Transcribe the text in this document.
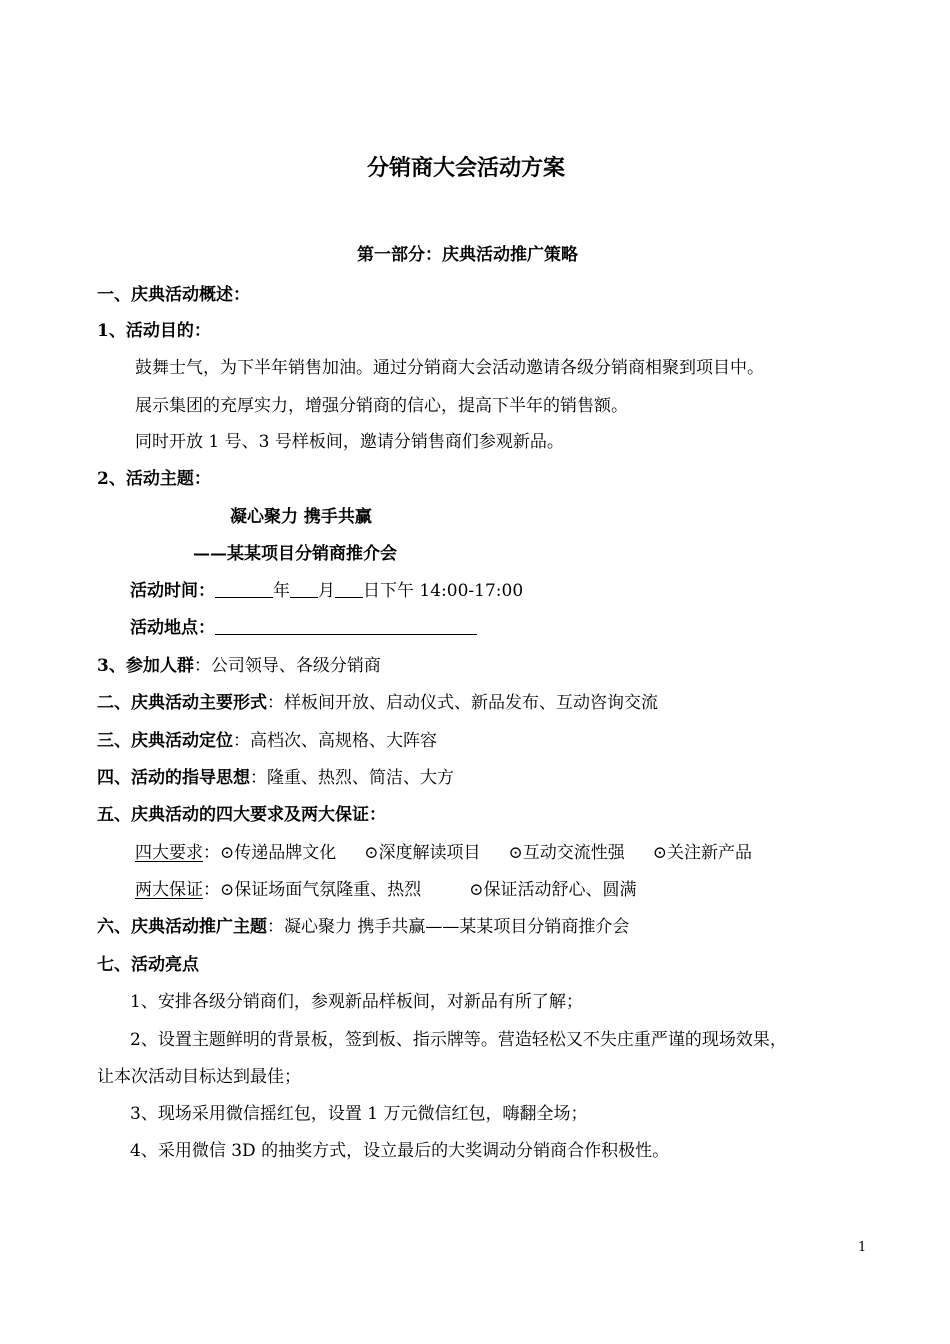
分销商大会活动方案
第一部分：庆典活动推广策略
一、庆典活动概述：
1、活动目的：
鼓舞士气，为下半年销售加油。通过分销商大会活动邀请各级分销商相聚到项目中。
展示集团的充厚实力，增强分销商的信心，提高下半年的销售额。
同时开放 1 号、3 号样板间，邀请分销售商们参观新品。
2、活动主题：
凝心聚力 携手共赢
——某某项目分销商推介会
活动时间：	年 月 日下午 14:00-17:00
活动地点：
3、参加人群：公司领导、各级分销商
二、庆典活动主要形式：样板间开放、启动仪式、新品发布、互动咨询交流
三、庆典活动定位：高档次、高规格、大阵容
四、活动的指导思想：隆重、热烈、简洁、大方
五、庆典活动的四大要求及两大保证：
四大要求：⊙传递品牌文化 ⊙深度解读项目 ⊙互动交流性强 ⊙关注新产品
两大保证：⊙保证场面气氛隆重、热烈	⊙保证活动舒心、圆满
六、庆典活动推广主题：凝心聚力 携手共赢——某某项目分销商推介会
七、活动亮点
1、安排各级分销商们，参观新品样板间，对新品有所了解；
2、设置主题鲜明的背景板，签到板、指示牌等。营造轻松又不失庄重严谨的现场效果，
让本次活动目标达到最佳；
3、现场采用微信摇红包，设置 1 万元微信红包，嗨翻全场；
4、采用微信 3D 的抽奖方式，设立最后的大奖调动分销商合作积极性。
1
